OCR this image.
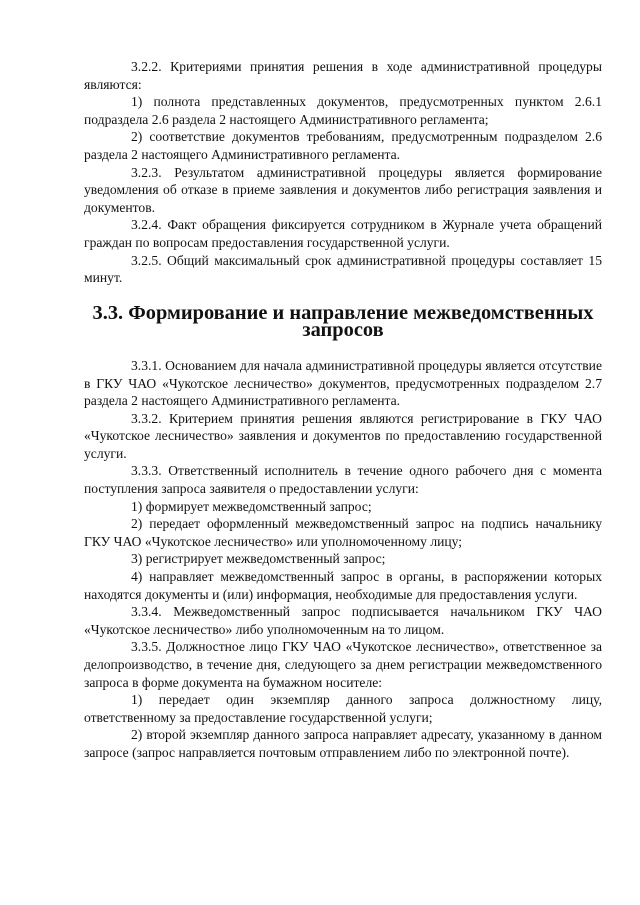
3.2.2. Критериями принятия решения в ходе административной процедуры являются:

1) полнота представленных документов, предусмотренных пунктом 2.6.1 подраздела 2.6 раздела 2 настоящего Административного регламента;

2) соответствие документов требованиям, предусмотренным подразделом 2.6 раздела 2 настоящего Административного регламента.

3.2.3. Результатом административной процедуры является формирование уведомления об отказе в приеме заявления и документов либо регистрация заявления и документов.

3.2.4. Факт обращения фиксируется сотрудником в Журнале учета обращений граждан по вопросам предоставления государственной услуги.

3.2.5. Общий максимальный срок административной процедуры составляет 15 минут.

3.3. Формирование и направление межведомственных запросов

3.3.1. Основанием для начала административной процедуры является отсутствие в ГКУ ЧАО «Чукотское лесничество» документов, предусмотренных подразделом 2.7 раздела 2 настоящего Административного регламента.

3.3.2. Критерием принятия решения являются регистрирование в ГКУ ЧАО «Чукотское лесничество» заявления и документов по предоставлению государственной услуги.

3.3.3. Ответственный исполнитель в течение одного рабочего дня с момента поступления запроса заявителя о предоставлении услуги:

1) формирует межведомственный запрос;

2) передает оформленный межведомственный запрос на подпись начальнику ГКУ ЧАО «Чукотское лесничество» или уполномоченному лицу;

3) регистрирует межведомственный запрос;

4) направляет межведомственный запрос в органы, в распоряжении которых находятся документы и (или) информация, необходимые для предоставления услуги.

3.3.4. Межведомственный запрос подписывается начальником ГКУ ЧАО «Чукотское лесничество» либо уполномоченным на то лицом.

3.3.5. Должностное лицо ГКУ ЧАО «Чукотское лесничество», ответственное за делопроизводство, в течение дня, следующего за днем регистрации межведомственного запроса в форме документа на бумажном носителе:

1) передает один экземпляр данного запроса должностному лицу, ответственному за предоставление государственной услуги;

2) второй экземпляр данного запроса направляет адресату, указанному в данном запросе (запрос направляется почтовым отправлением либо по электронной почте).
